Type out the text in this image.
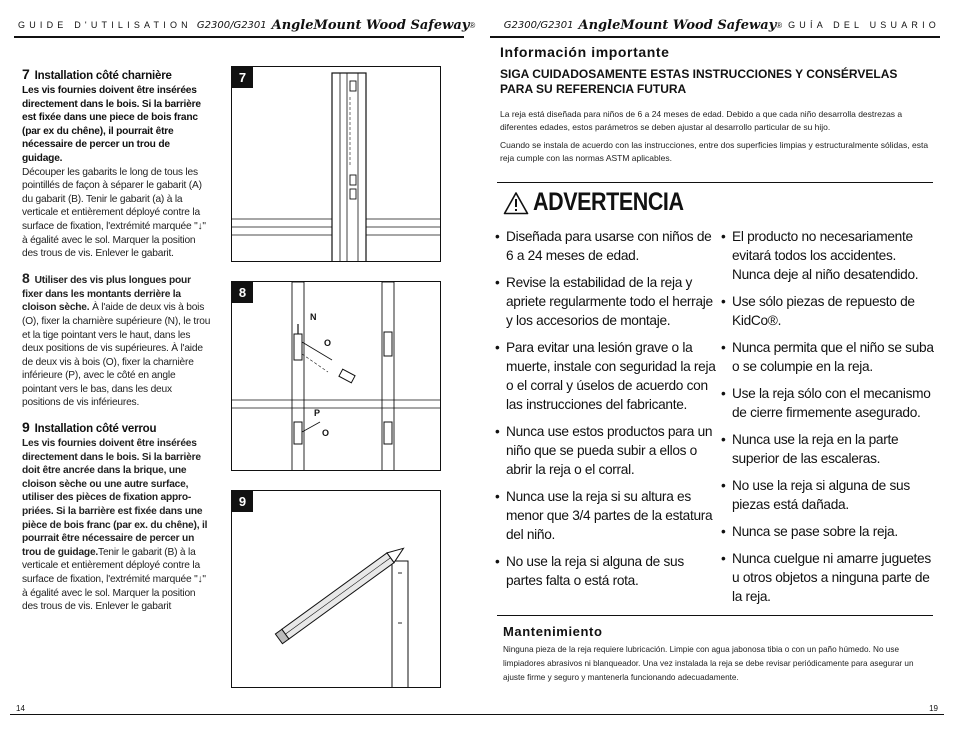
GUIDE D'UTILISATION G2300/G2301 AngleMount Wood Safeway ®	G2300/G2301 AngleMount Wood Safeway ® GUÍA DEL USUARIO
7 Installation côté charnière
Les vis fournies doivent être insérées directement dans le bois. Si la barrière est fixée dans une piece de bois franc (par ex du chêne), il pourrait être nécessaire de percer un trou de guidage.
Découper les gabarits le long de tous les pointillés de façon à séparer le gabarit (A) du gabarit (B). Tenir le gabarit (a) à la verticale et entièrement déployé contre la surface de fixation, l'extrémité marquée "↓" à égalité avec le sol. Marquer la position des trous de vis. Enlever le gabarit.
8 Utiliser des vis plus longues pour fixer dans les montants derrière la cloison sèche. À l'aide de deux vis à bois (O), fixer la charnière supérieure (N), le trou et la tige pointant vers le haut, dans les deux positions de vis supérieures. À l'aide de deux vis à bois (O), fixer la charnière inférieure (P), avec le côté en angle pointant vers le bas, dans les deux positions de vis inférieures.
9 Installation côté verrou
Les vis fournies doivent être insérées directement dans le bois. Si la barrière doit être ancrée dans la brique, une cloison sèche ou une autre surface, utiliser des pièces de fixation appro-priées. Si la barrière est fixée dans une pièce de bois franc (par ex. du chêne), il pourrait être nécessaire de percer un trou de guidage.Tenir le gabarit (B) à la verticale et entièrement déployé contre la surface de fixation, l'extrémité marquée "↓" à égalité avec le sol. Marquer la position des trous de vis. Enlever le gabarit
7
8
N
O
P
O
9
Información importante
SIGA CUIDADOSAMENTE ESTAS INSTRUCCIONES Y CONSÉRVELAS PARA SU REFERENCIA FUTURA
La reja está diseñada para niños de 6 a 24 meses de edad. Debido a que cada niño desarrolla destrezas a diferentes edades, estos parámetros se deben ajustar al desarrollo particular de su hijo.
Cuando se instala de acuerdo con las instrucciones, entre dos superficies limpias y estructuralmente sólidas, esta reja cumple con las normas ASTM aplicables.
ADVERTENCIA
• Diseñada para usarse con niños de 6 a 24 meses de edad.
• Revise la estabilidad de la reja y apriete regularmente todo el herraje y los accesorios de montaje.
• Para evitar una lesión grave o la muerte, instale con seguridad la reja o el corral y úselos de acuerdo con las instrucciones del fabricante.
• Nunca use estos productos para un niño que se pueda subir a ellos o abrir la reja o el corral.
• Nunca use la reja si su altura es menor que 3/4 partes de la estatura del niño.
• No use la reja si alguna de sus partes falta o está rota.
• El producto no necesariamente evitará todos los accidentes. Nunca deje al niño desatendido.
• Use sólo piezas de repuesto de KidCo®.
• Nunca permita que el niño se suba o se columpie en la reja.
• Use la reja sólo con el mecanismo de cierre firmemente asegurado.
• Nunca use la reja en la parte superior de las escaleras.
• No use la reja si alguna de sus piezas está dañada.
• Nunca se pase sobre la reja.
• Nunca cuelgue ni amarre juguetes u otros objetos a ninguna parte de la reja.
Mantenimiento
Ninguna pieza de la reja requiere lubricación. Limpie con agua jabonosa tibia o con un paño húmedo. No use limpiadores abrasivos ni blanqueador. Una vez instalada la reja se debe revisar periódicamente para asegurar un ajuste firme y seguro y mantenerla funcionando adecuadamente.
14	19
